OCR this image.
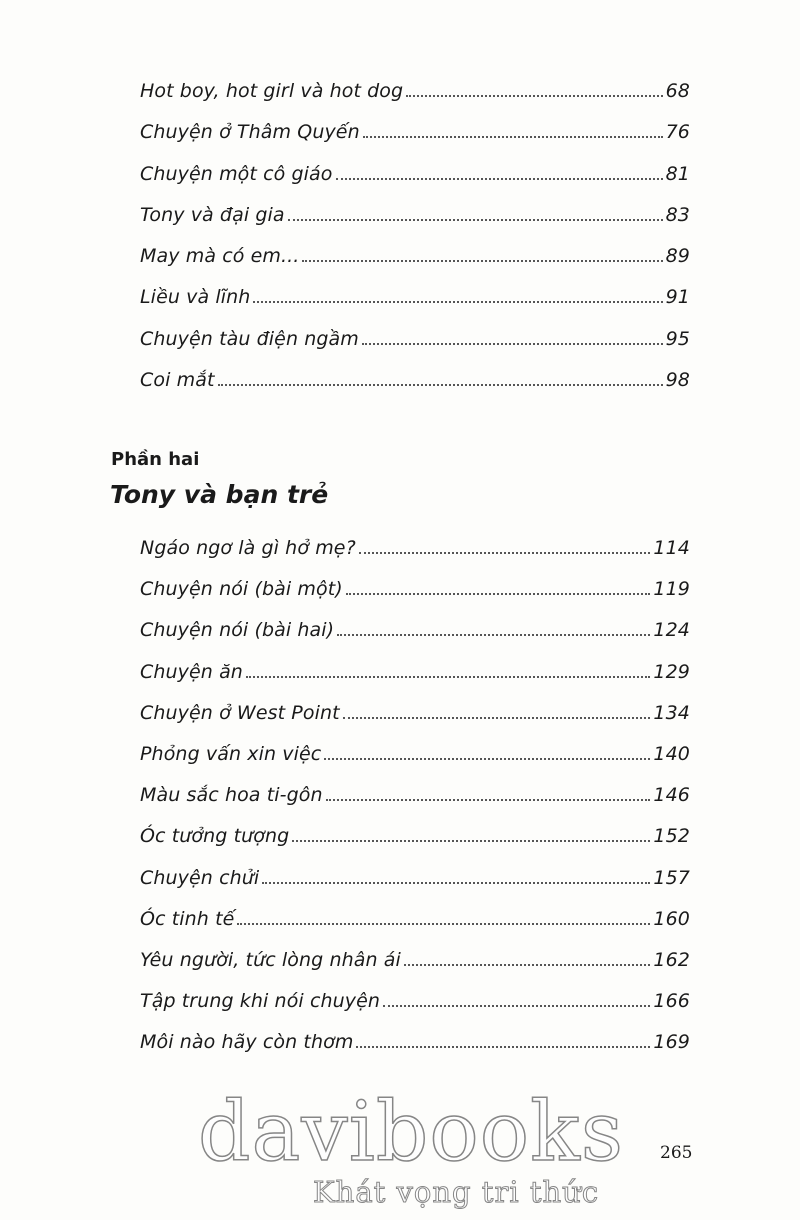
Hot boy, hot girl và hot dog	68
Chuyện ở Thâm Quyến	76
Chuyện một cô giáo	81
Tony và đại gia	83
May mà có em...	89
Liều và lĩnh	91
Chuyện tàu điện ngầm	95
Coi mắt	98
Phần hai
Tony và bạn trẻ
Ngáo ngơ là gì hở mẹ?	114
Chuyện nói (bài một)	119
Chuyện nói (bài hai)	124
Chuyện ăn	129
Chuyện ở West Point	134
Phỏng vấn xin việc	140
Màu sắc hoa ti-gôn	146
Óc tưởng tượng	152
Chuyện chửi	157
Óc tinh tế	160
Yêu người, tức lòng nhân ái	162
Tập trung khi nói chuyện	166
Môi nào hãy còn thơm	169
davibooks
Khát vọng tri thức
265
